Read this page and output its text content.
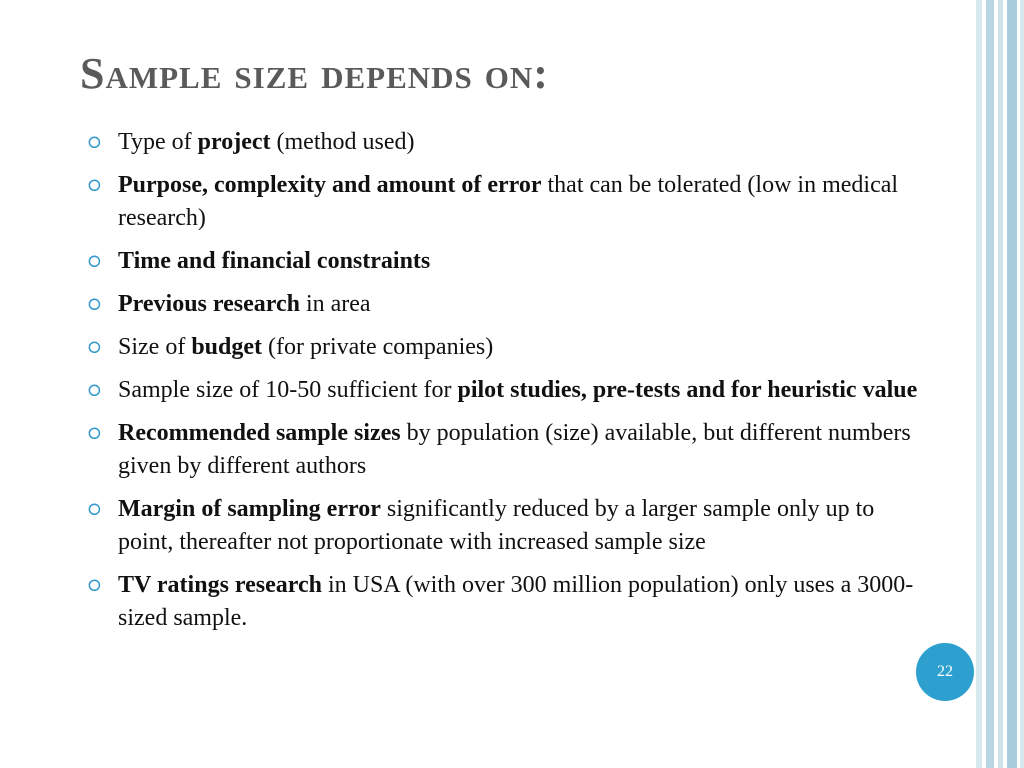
Sample size depends on:
⭘ Type of project (method used)
⭘ Purpose, complexity and amount of error that can be tolerated (low in medical research)
⭘ Time and financial constraints
⭘ Previous research in area
⭘ Size of budget (for private companies)
⭘ Sample size of 10-50 sufficient for pilot studies, pre-tests and for heuristic value
⭘ Recommended sample sizes by population (size) available, but different numbers given by different authors
⭘ Margin of sampling error significantly reduced by a larger sample only up to point, thereafter not proportionate with increased sample size
⭘ TV ratings research in USA (with over 300 million population) only uses a 3000-sized sample.
22
